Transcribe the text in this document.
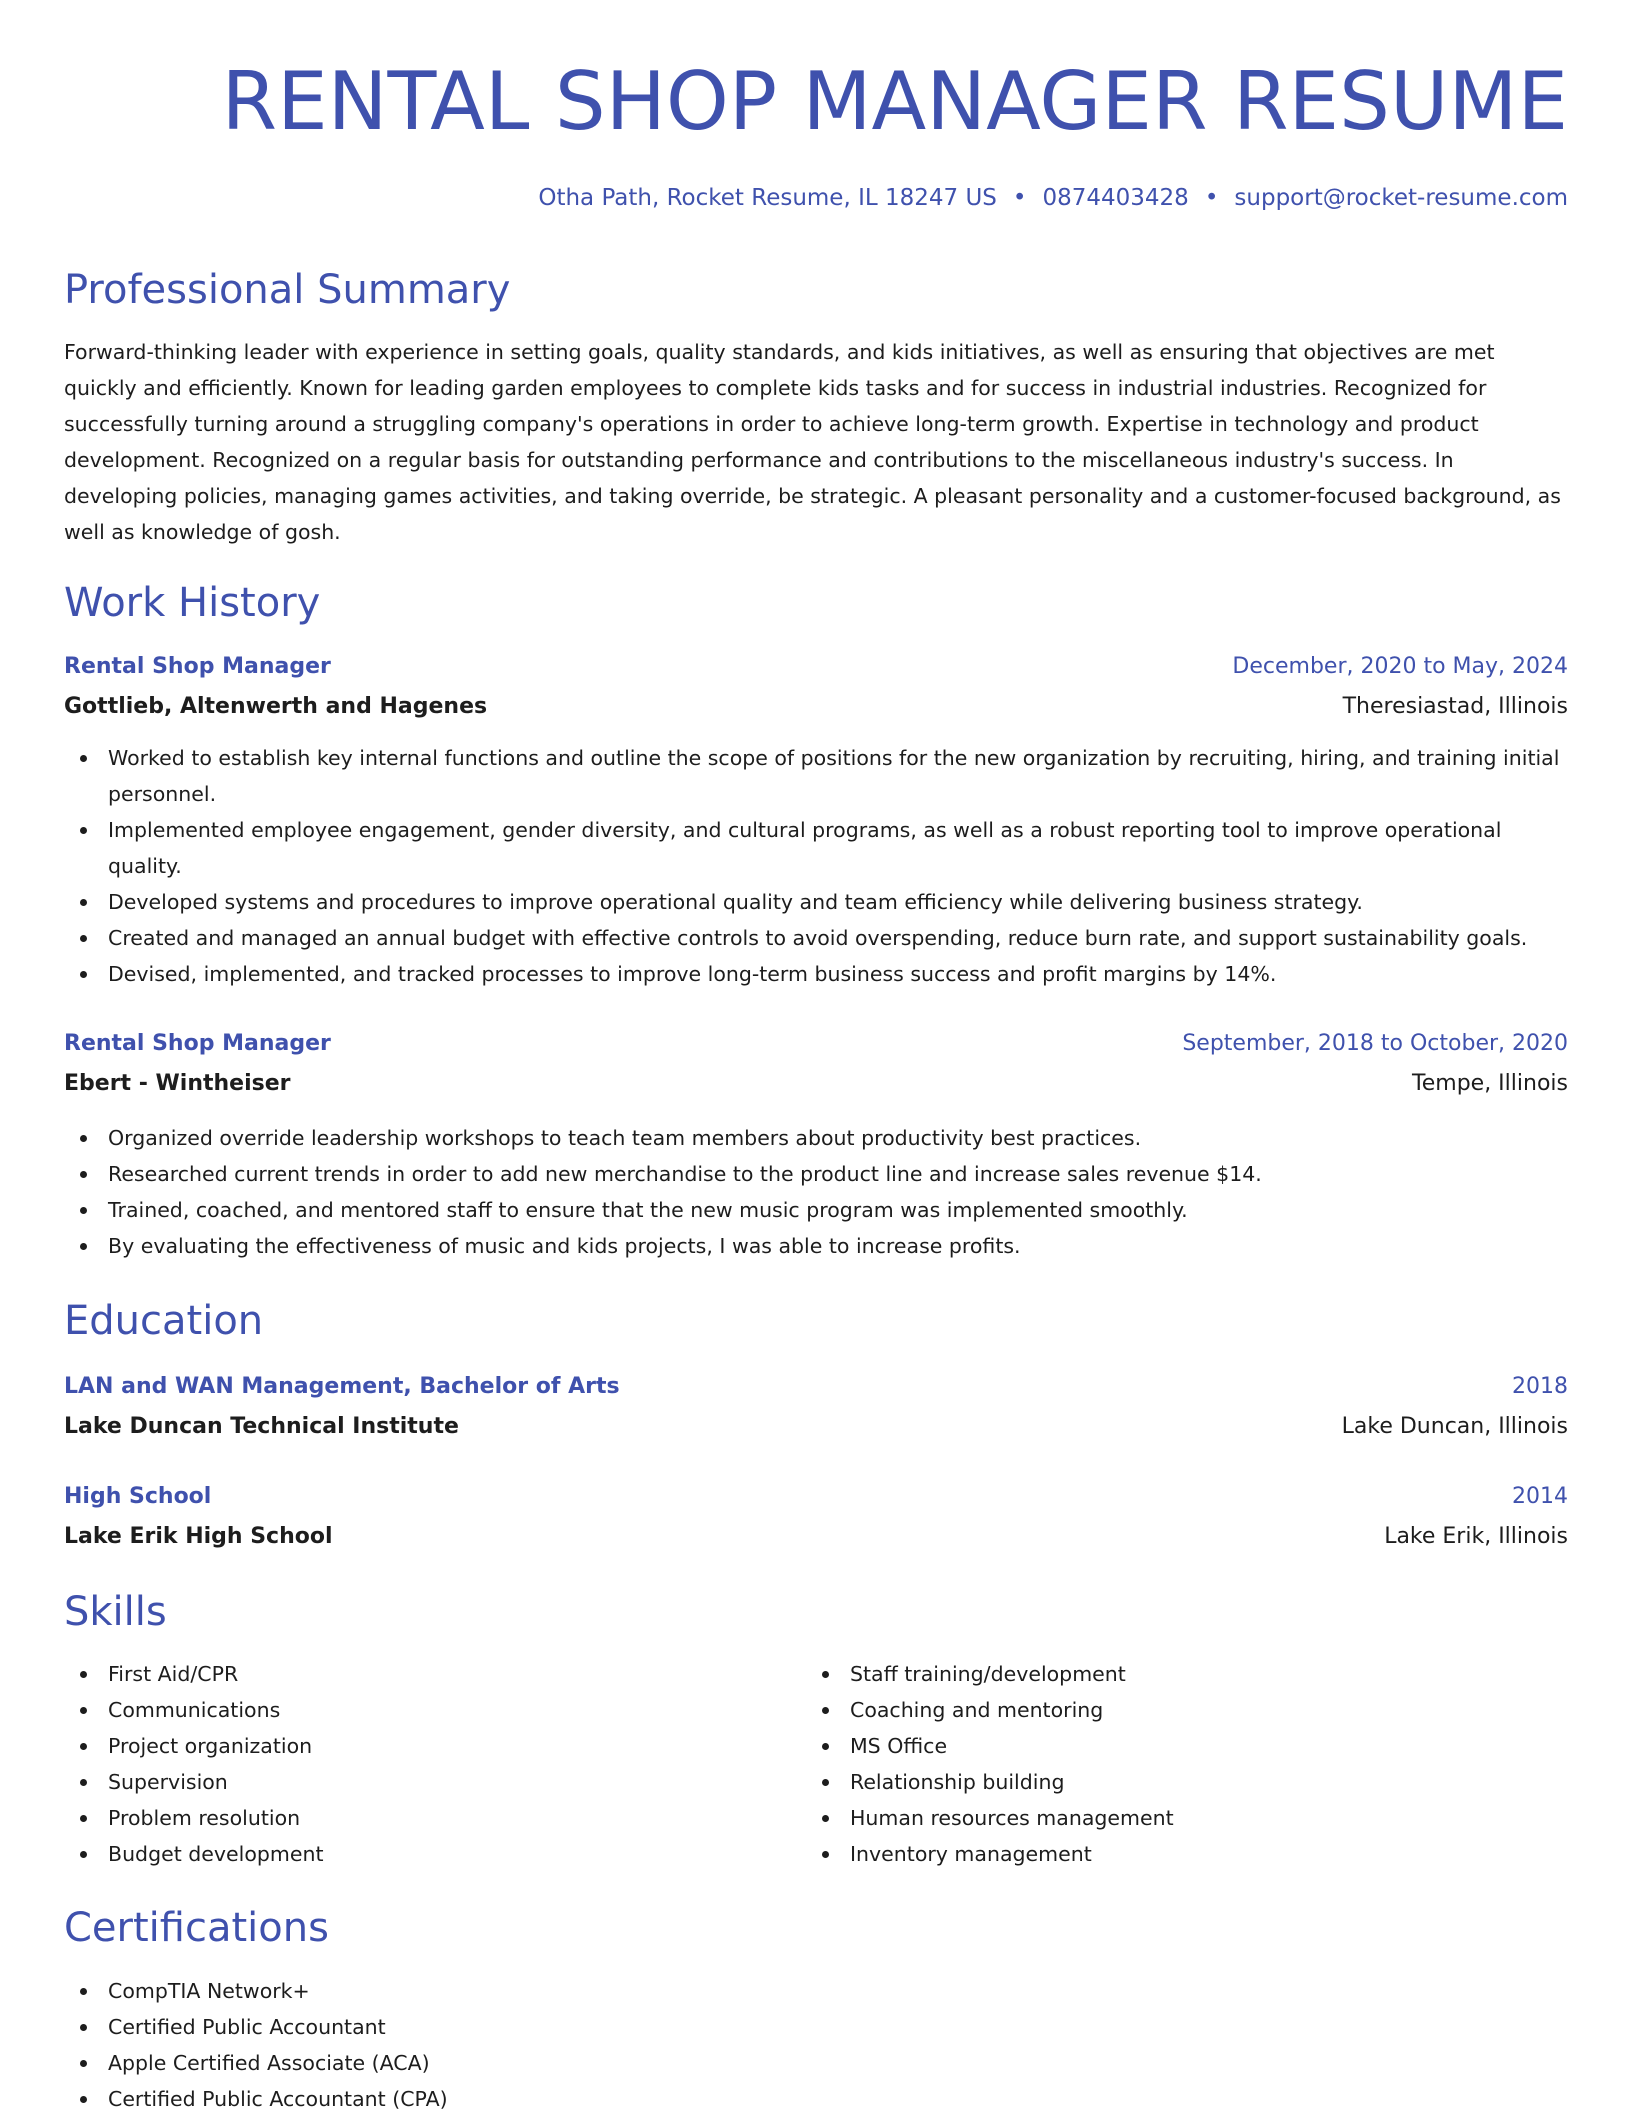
RENTAL SHOP MANAGER RESUME
Otha Path, Rocket Resume, IL 18247 US • 0874403428 • support@rocket-resume.com
Professional Summary

Forward-thinking leader with experience in setting goals, quality standards, and kids initiatives, as well as ensuring that objectives are met quickly and efficiently. Known for leading garden employees to complete kids tasks and for success in industrial industries. Recognized for successfully turning around a struggling company's operations in order to achieve long-term growth. Expertise in technology and product development. Recognized on a regular basis for outstanding performance and contributions to the miscellaneous industry's success. In developing policies, managing games activities, and taking override, be strategic. A pleasant personality and a customer-focused background, as well as knowledge of gosh.

Work History
Rental Shop Manager	December, 2020 to May, 2024
Gottlieb, Altenwerth and Hagenes	Theresiastad, Illinois
Worked to establish key internal functions and outline the scope of positions for the new organization by recruiting, hiring, and training initial personnel.
Implemented employee engagement, gender diversity, and cultural programs, as well as a robust reporting tool to improve operational quality.
Developed systems and procedures to improve operational quality and team efficiency while delivering business strategy.
Created and managed an annual budget with effective controls to avoid overspending, reduce burn rate, and support sustainability goals.
Devised, implemented, and tracked processes to improve long-term business success and profit margins by 14%.
Rental Shop Manager	September, 2018 to October, 2020
Ebert - Wintheiser	Tempe, Illinois
Organized override leadership workshops to teach team members about productivity best practices.
Researched current trends in order to add new merchandise to the product line and increase sales revenue $14.
Trained, coached, and mentored staff to ensure that the new music program was implemented smoothly.
By evaluating the effectiveness of music and kids projects, I was able to increase profits.
Education
LAN and WAN Management, Bachelor of Arts	2018
Lake Duncan Technical Institute	Lake Duncan, Illinois
High School	2014
Lake Erik High School	Lake Erik, Illinois
Skills
First Aid/CPR
Communications
Project organization
Supervision
Problem resolution
Budget development
Staff training/development
Coaching and mentoring
MS Office
Relationship building
Human resources management
Inventory management
Certifications
CompTIA Network+
Certified Public Accountant
Apple Certified Associate (ACA)
Certified Public Accountant (CPA)
